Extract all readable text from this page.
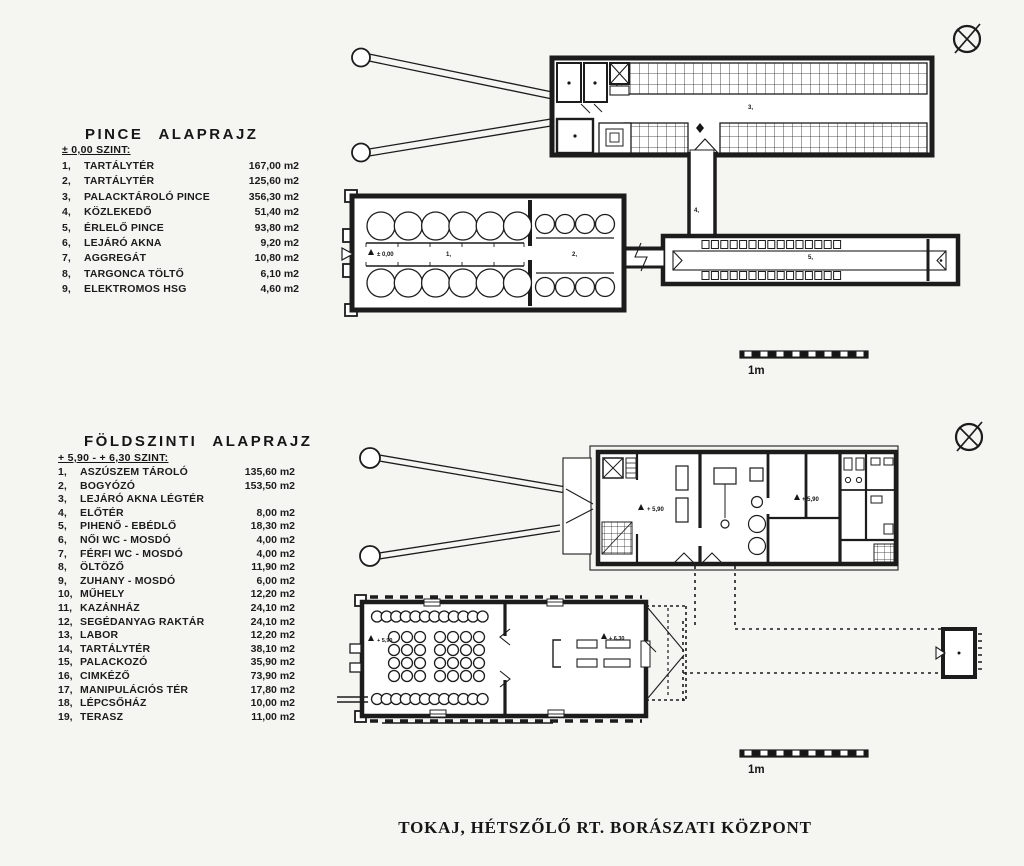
3,
4,
5,
± 0,00	1,	2,
1m
+ 5,90
+ 5,90
+ 5,90	+ 6,30
1m
PINCE ALAPRAJZ
± 0,00 SZINT:
1,	TARTÁLYTÉR	167,00 m2
2,	TARTÁLYTÉR	125,60 m2
3,	PALACKTÁROLÓ PINCE	356,30 m2
4,	KÖZLEKEDŐ	51,40 m2
5,	ÉRLELŐ PINCE	93,80 m2
6,	LEJÁRÓ AKNA	9,20 m2
7,	AGGREGÁT	10,80 m2
8,	TARGONCA TÖLTŐ	6,10 m2
9,	ELEKTROMOS HSG	4,60 m2
FÖLDSZINTI ALAPRAJZ
+ 5,90 - + 6,30 SZINT:
1,	ASZÚSZEM TÁROLÓ	135,60 m2
2,	BOGYÓZÓ	153,50 m2
3,	LEJÁRÓ AKNA LÉGTÉR
4,	ELŐTÉR	8,00 m2
5,	PIHENŐ - EBÉDLŐ	18,30 m2
6,	NŐI WC - MOSDÓ	4,00 m2
7,	FÉRFI WC - MOSDÓ	4,00 m2
8,	ÖLTÖZŐ	11,90 m2
9,	ZUHANY - MOSDÓ	6,00 m2
10, MŰHELY	12,20 m2
11, KAZÁNHÁZ	24,10 m2
12, SEGÉDANYAG RAKTÁR	24,10 m2
13, LABOR	12,20 m2
14, TARTÁLYTÉR	38,10 m2
15, PALACKOZÓ	35,90 m2
16, CIMKÉZŐ	73,90 m2
17, MANIPULÁCIÓS TÉR	17,80 m2
18, LÉPCSŐHÁZ	10,00 m2
19, TERASZ	11,00 m2
TOKAJ, HÉTSZŐLŐ RT. BORÁSZATI KÖZPONT
